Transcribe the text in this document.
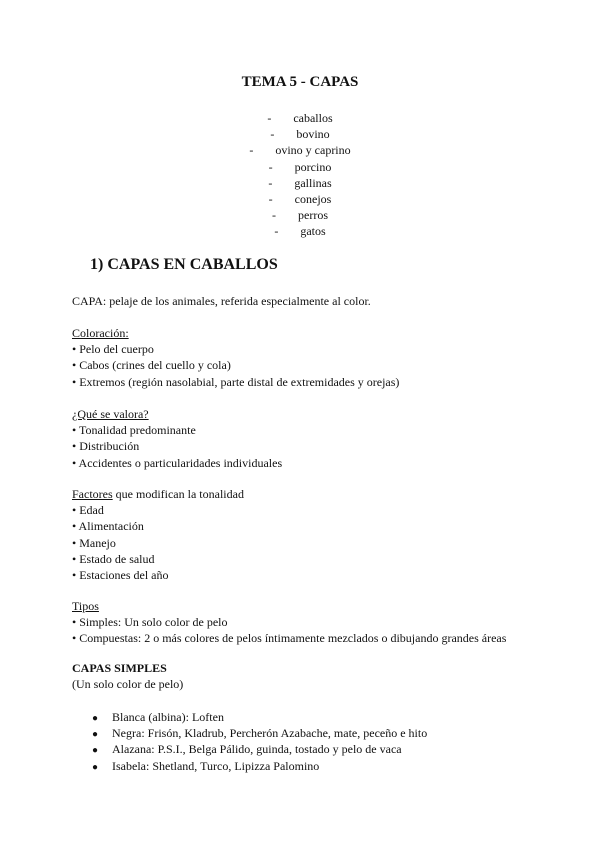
TEMA 5 - CAPAS
- caballos
- bovino
- ovino y caprino
- porcino
- gallinas
- conejos
- perros
- gatos
1) CAPAS EN CABALLOS
CAPA: pelaje de los animales, referida especialmente al color.
Coloración:
• Pelo del cuerpo
• Cabos (crines del cuello y cola)
• Extremos (región nasolabial, parte distal de extremidades y orejas)
¿Qué se valora?
• Tonalidad predominante
• Distribución
• Accidentes o particularidades individuales
Factores que modifican la tonalidad
• Edad
• Alimentación
• Manejo
• Estado de salud
• Estaciones del año
Tipos
• Simples: Un solo color de pelo
• Compuestas: 2 o más colores de pelos íntimamente mezclados o dibujando grandes áreas
CAPAS SIMPLES
(Un solo color de pelo)
● Blanca (albina): Loften
● Negra: Frisón, Kladrub, Percherón Azabache, mate, peceño e hito
● Alazana: P.S.I., Belga Pálido, guinda, tostado y pelo de vaca
● Isabela: Shetland, Turco, Lipizza Palomino
